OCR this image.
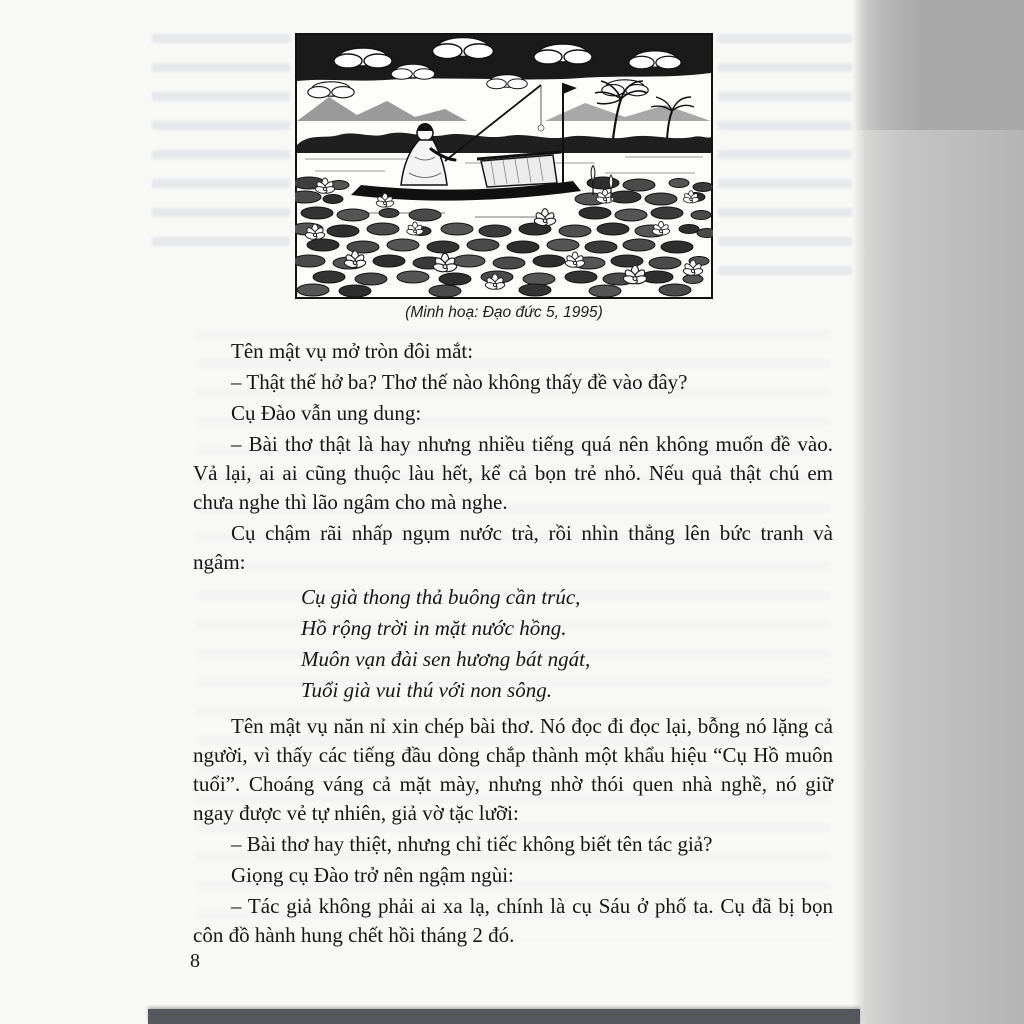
(Minh hoạ: Đạo đức 5, 1995)

Tên mật vụ mở tròn đôi mắt:

– Thật thế hở ba? Thơ thế nào không thấy đề vào đây?

Cụ Đào vẫn ung dung:

– Bài thơ thật là hay nhưng nhiều tiếng quá nên không muốn đề vào. Vả lại, ai ai cũng thuộc làu hết, kể cả bọn trẻ nhỏ. Nếu quả thật chú em chưa nghe thì lão ngâm cho mà nghe.

Cụ chậm rãi nhấp ngụm nước trà, rồi nhìn thẳng lên bức tranh và ngâm:

Cụ già thong thả buông cần trúc,

Hồ rộng trời in mặt nước hồng.

Muôn vạn đài sen hương bát ngát,

Tuổi già vui thú với non sông.

Tên mật vụ năn nỉ xin chép bài thơ. Nó đọc đi đọc lại, bỗng nó lặng cả người, vì thấy các tiếng đầu dòng chắp thành một khẩu hiệu “Cụ Hồ muôn tuổi”. Choáng váng cả mặt mày, nhưng nhờ thói quen nhà nghề, nó giữ ngay được vẻ tự nhiên, giả vờ tặc lưỡi:

– Bài thơ hay thiệt, nhưng chỉ tiếc không biết tên tác giả?

Giọng cụ Đào trở nên ngậm ngùi:

– Tác giả không phải ai xa lạ, chính là cụ Sáu ở phố ta. Cụ đã bị bọn côn đồ hành hung chết hồi tháng 2 đó.

8
